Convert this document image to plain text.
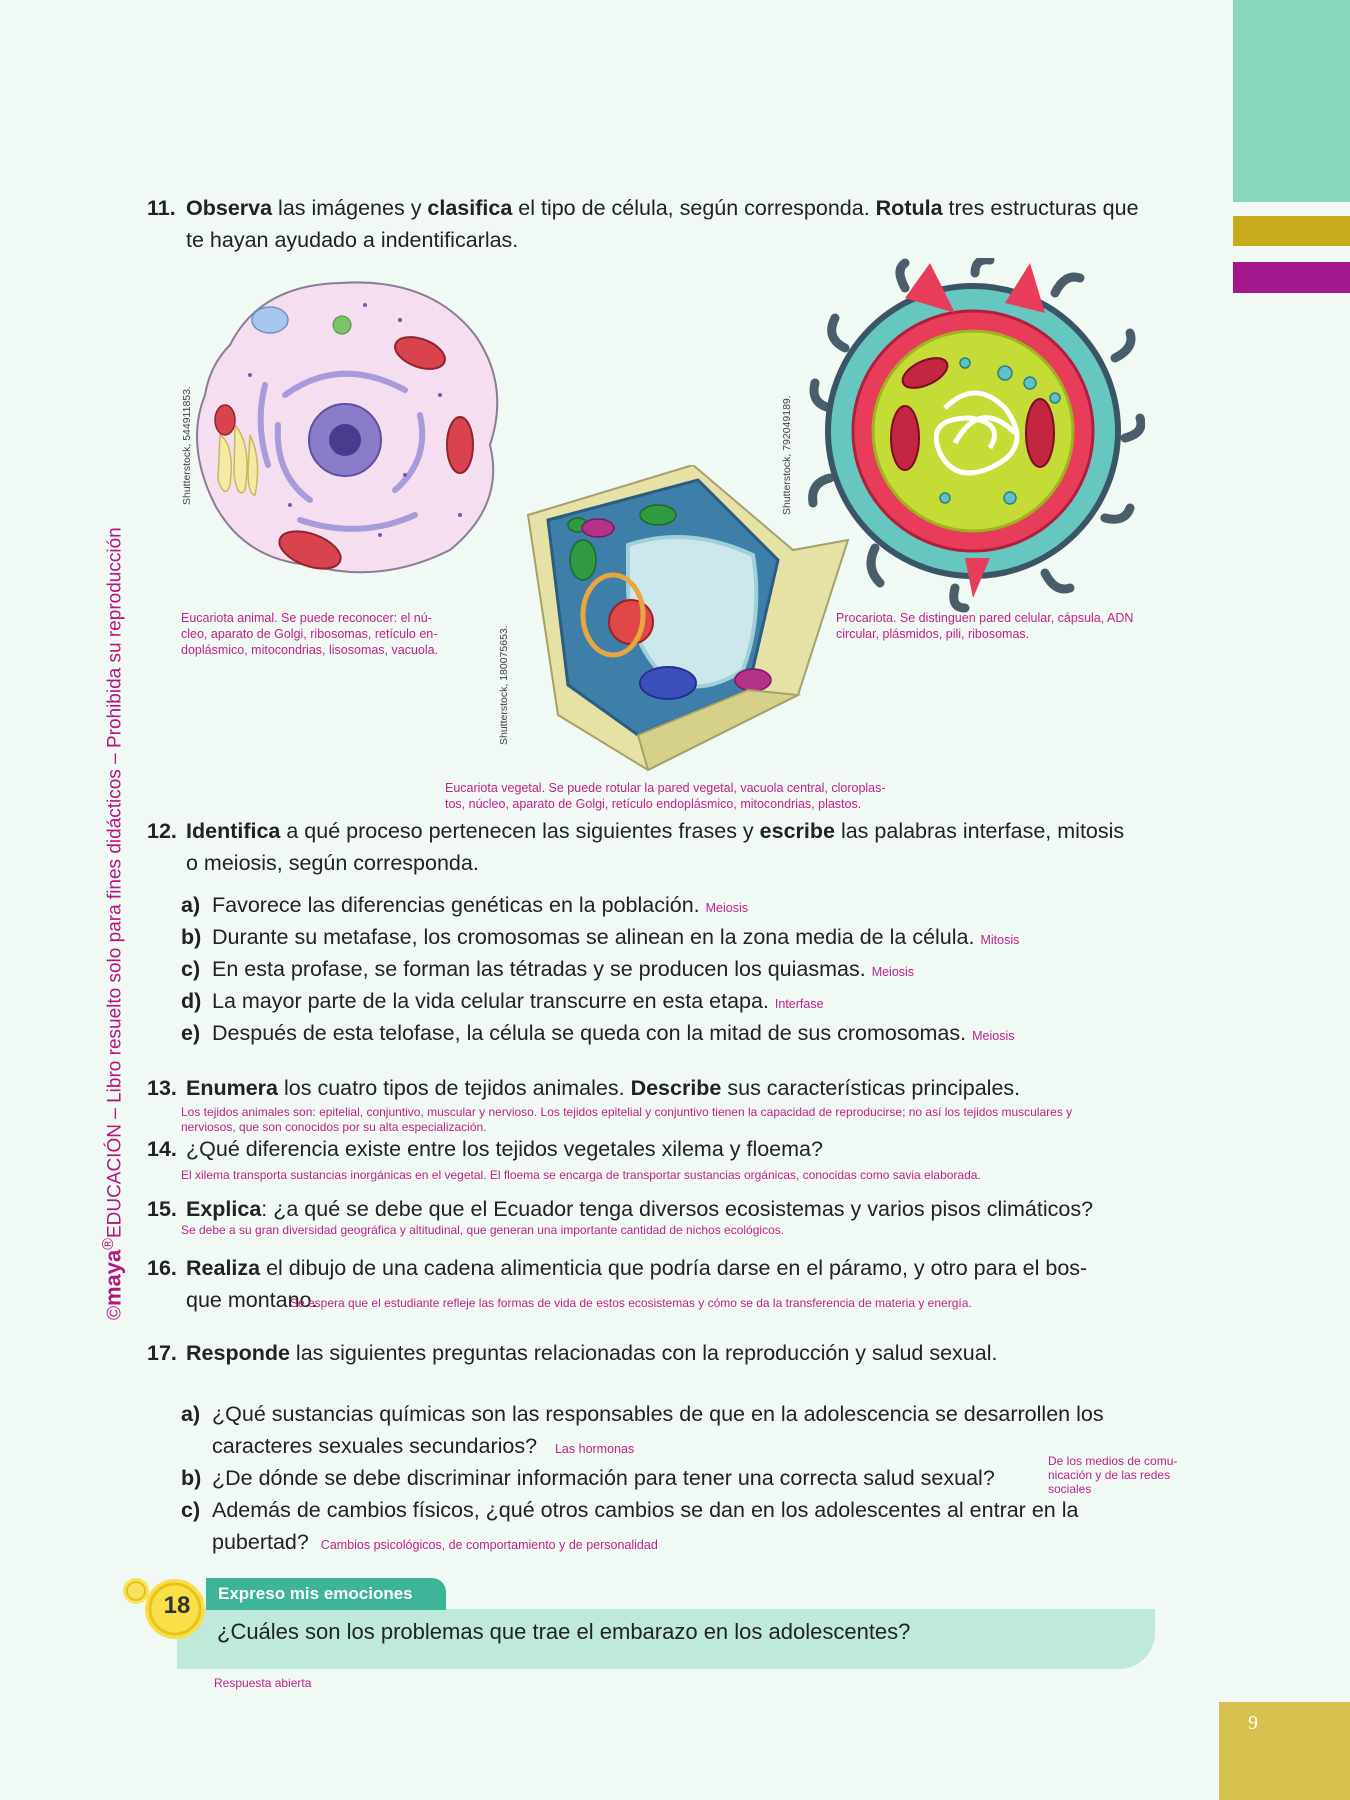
9
©maya®EDUCACIÓN – Libro resuelto solo para fines didácticos – Prohibida su reproducción
11. Observa las imágenes y clasifica el tipo de célula, según corresponda. Rotula tres estructuras que
te hayan ayudado a indentificarlas.
Shutterstock, 544911853.	Shutterstock, 792049189.
Shutterstock, 180075653.
Eucariota animal. Se puede reconocer: el nú-
cleo, aparato de Golgi, ribosomas, retículo en-
doplásmico, mitocondrias, lisosomas, vacuola.
Procariota. Se distinguen pared celular, cápsula, ADN
circular, plásmidos, pili, ribosomas.
Eucariota vegetal. Se puede rotular la pared vegetal, vacuola central, cloroplas-
tos, núcleo, aparato de Golgi, retículo endoplásmico, mitocondrias, plastos.
12. Identifica a qué proceso pertenecen las siguientes frases y escribe las palabras interfase, mitosis
o meiosis, según corresponda.
a) Favorece las diferencias genéticas en la población. Meiosis
b) Durante su metafase, los cromosomas se alinean en la zona media de la célula. Mitosis
c) En esta profase, se forman las tétradas y se producen los quiasmas. Meiosis
d) La mayor parte de la vida celular transcurre en esta etapa. Interfase
e) Después de esta telofase, la célula se queda con la mitad de sus cromosomas. Meiosis
13. Enumera los cuatro tipos de tejidos animales. Describe sus características principales.
Los tejidos animales son: epitelial, conjuntivo, muscular y nervioso. Los tejidos epitelial y conjuntivo tienen la capacidad de reproducirse; no así los tejidos musculares y
nerviosos, que son conocidos por su alta especialización.
14. ¿Qué diferencia existe entre los tejidos vegetales xilema y floema?
El xilema transporta sustancias inorgánicas en el vegetal. El floema se encarga de transportar sustancias orgánicas, conocidas como savia elaborada.
15. Explica: ¿a qué se debe que el Ecuador tenga diversos ecosistemas y varios pisos climáticos?
Se debe a su gran diversidad geográfica y altitudinal, que generan una importante cantidad de nichos ecológicos.
16. Realiza el dibujo de una cadena alimenticia que podría darse en el páramo, y otro para el bos-
que montano.
Se espera que el estudiante refleje las formas de vida de estos ecosistemas y cómo se da la transferencia de materia y energía.
17. Responde las siguientes preguntas relacionadas con la reproducción y salud sexual.
a) ¿Qué sustancias químicas son las responsables de que en la adolescencia se desarrollen los
caracteres sexuales secundarios? Las hormonas
b) ¿De dónde se debe discriminar información para tener una correcta salud sexual?
De los medios de comu-
nicación y de las redes
sociales
c) Además de cambios físicos, ¿qué otros cambios se dan en los adolescentes al entrar en la
pubertad? Cambios psicológicos, de comportamiento y de personalidad
Expreso mis emociones
18
¿Cuáles son los problemas que trae el embarazo en los adolescentes?
Respuesta abierta
